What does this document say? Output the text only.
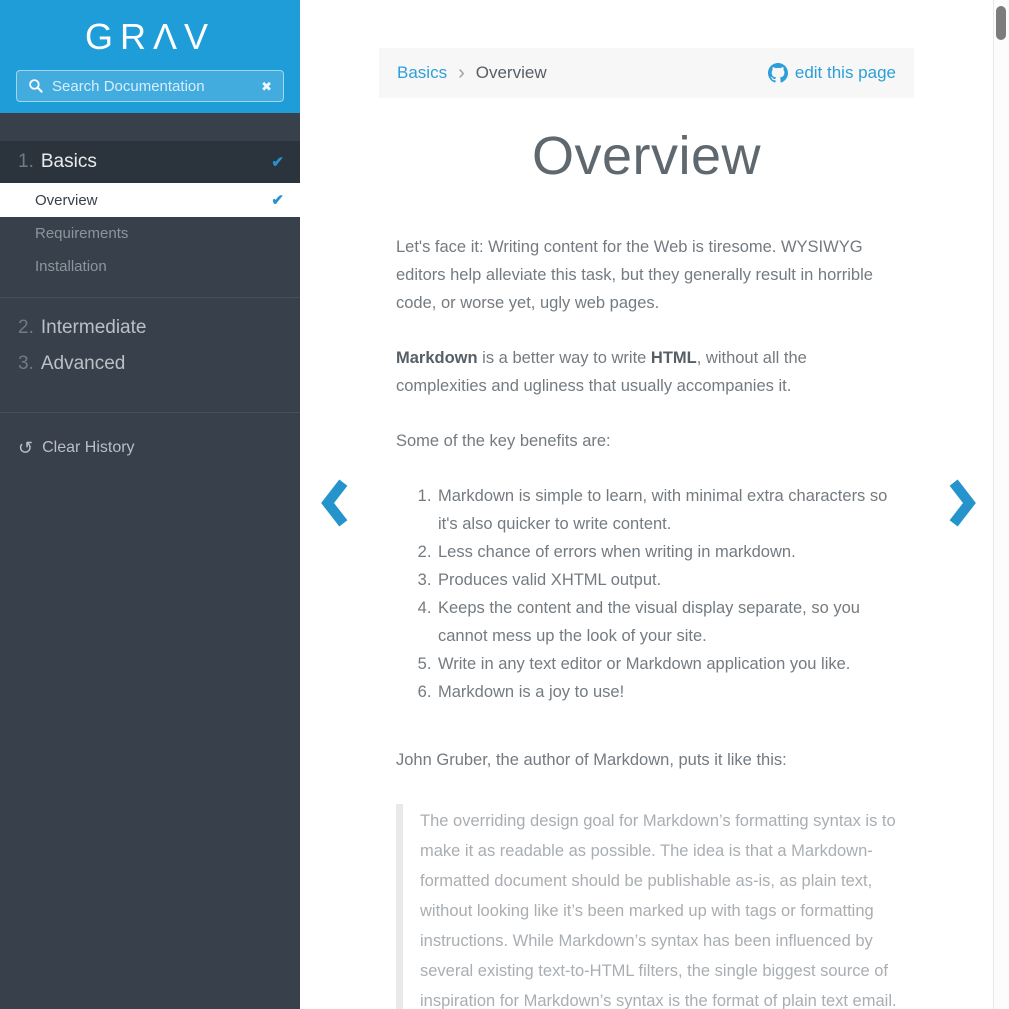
GRΛV
Search Documentation
✖
1. Basics	✔
Overview	✔
Requirements
Installation
2. Intermediate
3. Advanced
↺ Clear History
Basics › Overview	edit this page
Overview

Let's face it: Writing content for the Web is tiresome. WYSIWYG editors help alleviate this task, but they generally result in horrible code, or worse yet, ugly web pages.

Markdown is a better way to write HTML, without all the complexities and ugliness that usually accompanies it.

Some of the key benefits are:

1. Markdown is simple to learn, with minimal extra characters so it's also quicker to write content.
2. Less chance of errors when writing in markdown.
3. Produces valid XHTML output.
4. Keeps the content and the visual display separate, so you cannot mess up the look of your site.
5. Write in any text editor or Markdown application you like.
6. Markdown is a joy to use!

John Gruber, the author of Markdown, puts it like this:

The overriding design goal for Markdown’s formatting syntax is to make it as readable as possible. The idea is that a Markdown-formatted document should be publishable as-is, as plain text, without looking like it’s been marked up with tags or formatting instructions. While Markdown’s syntax has been influenced by several existing text-to-HTML filters, the single biggest source of inspiration for Markdown’s syntax is the format of plain text email.
